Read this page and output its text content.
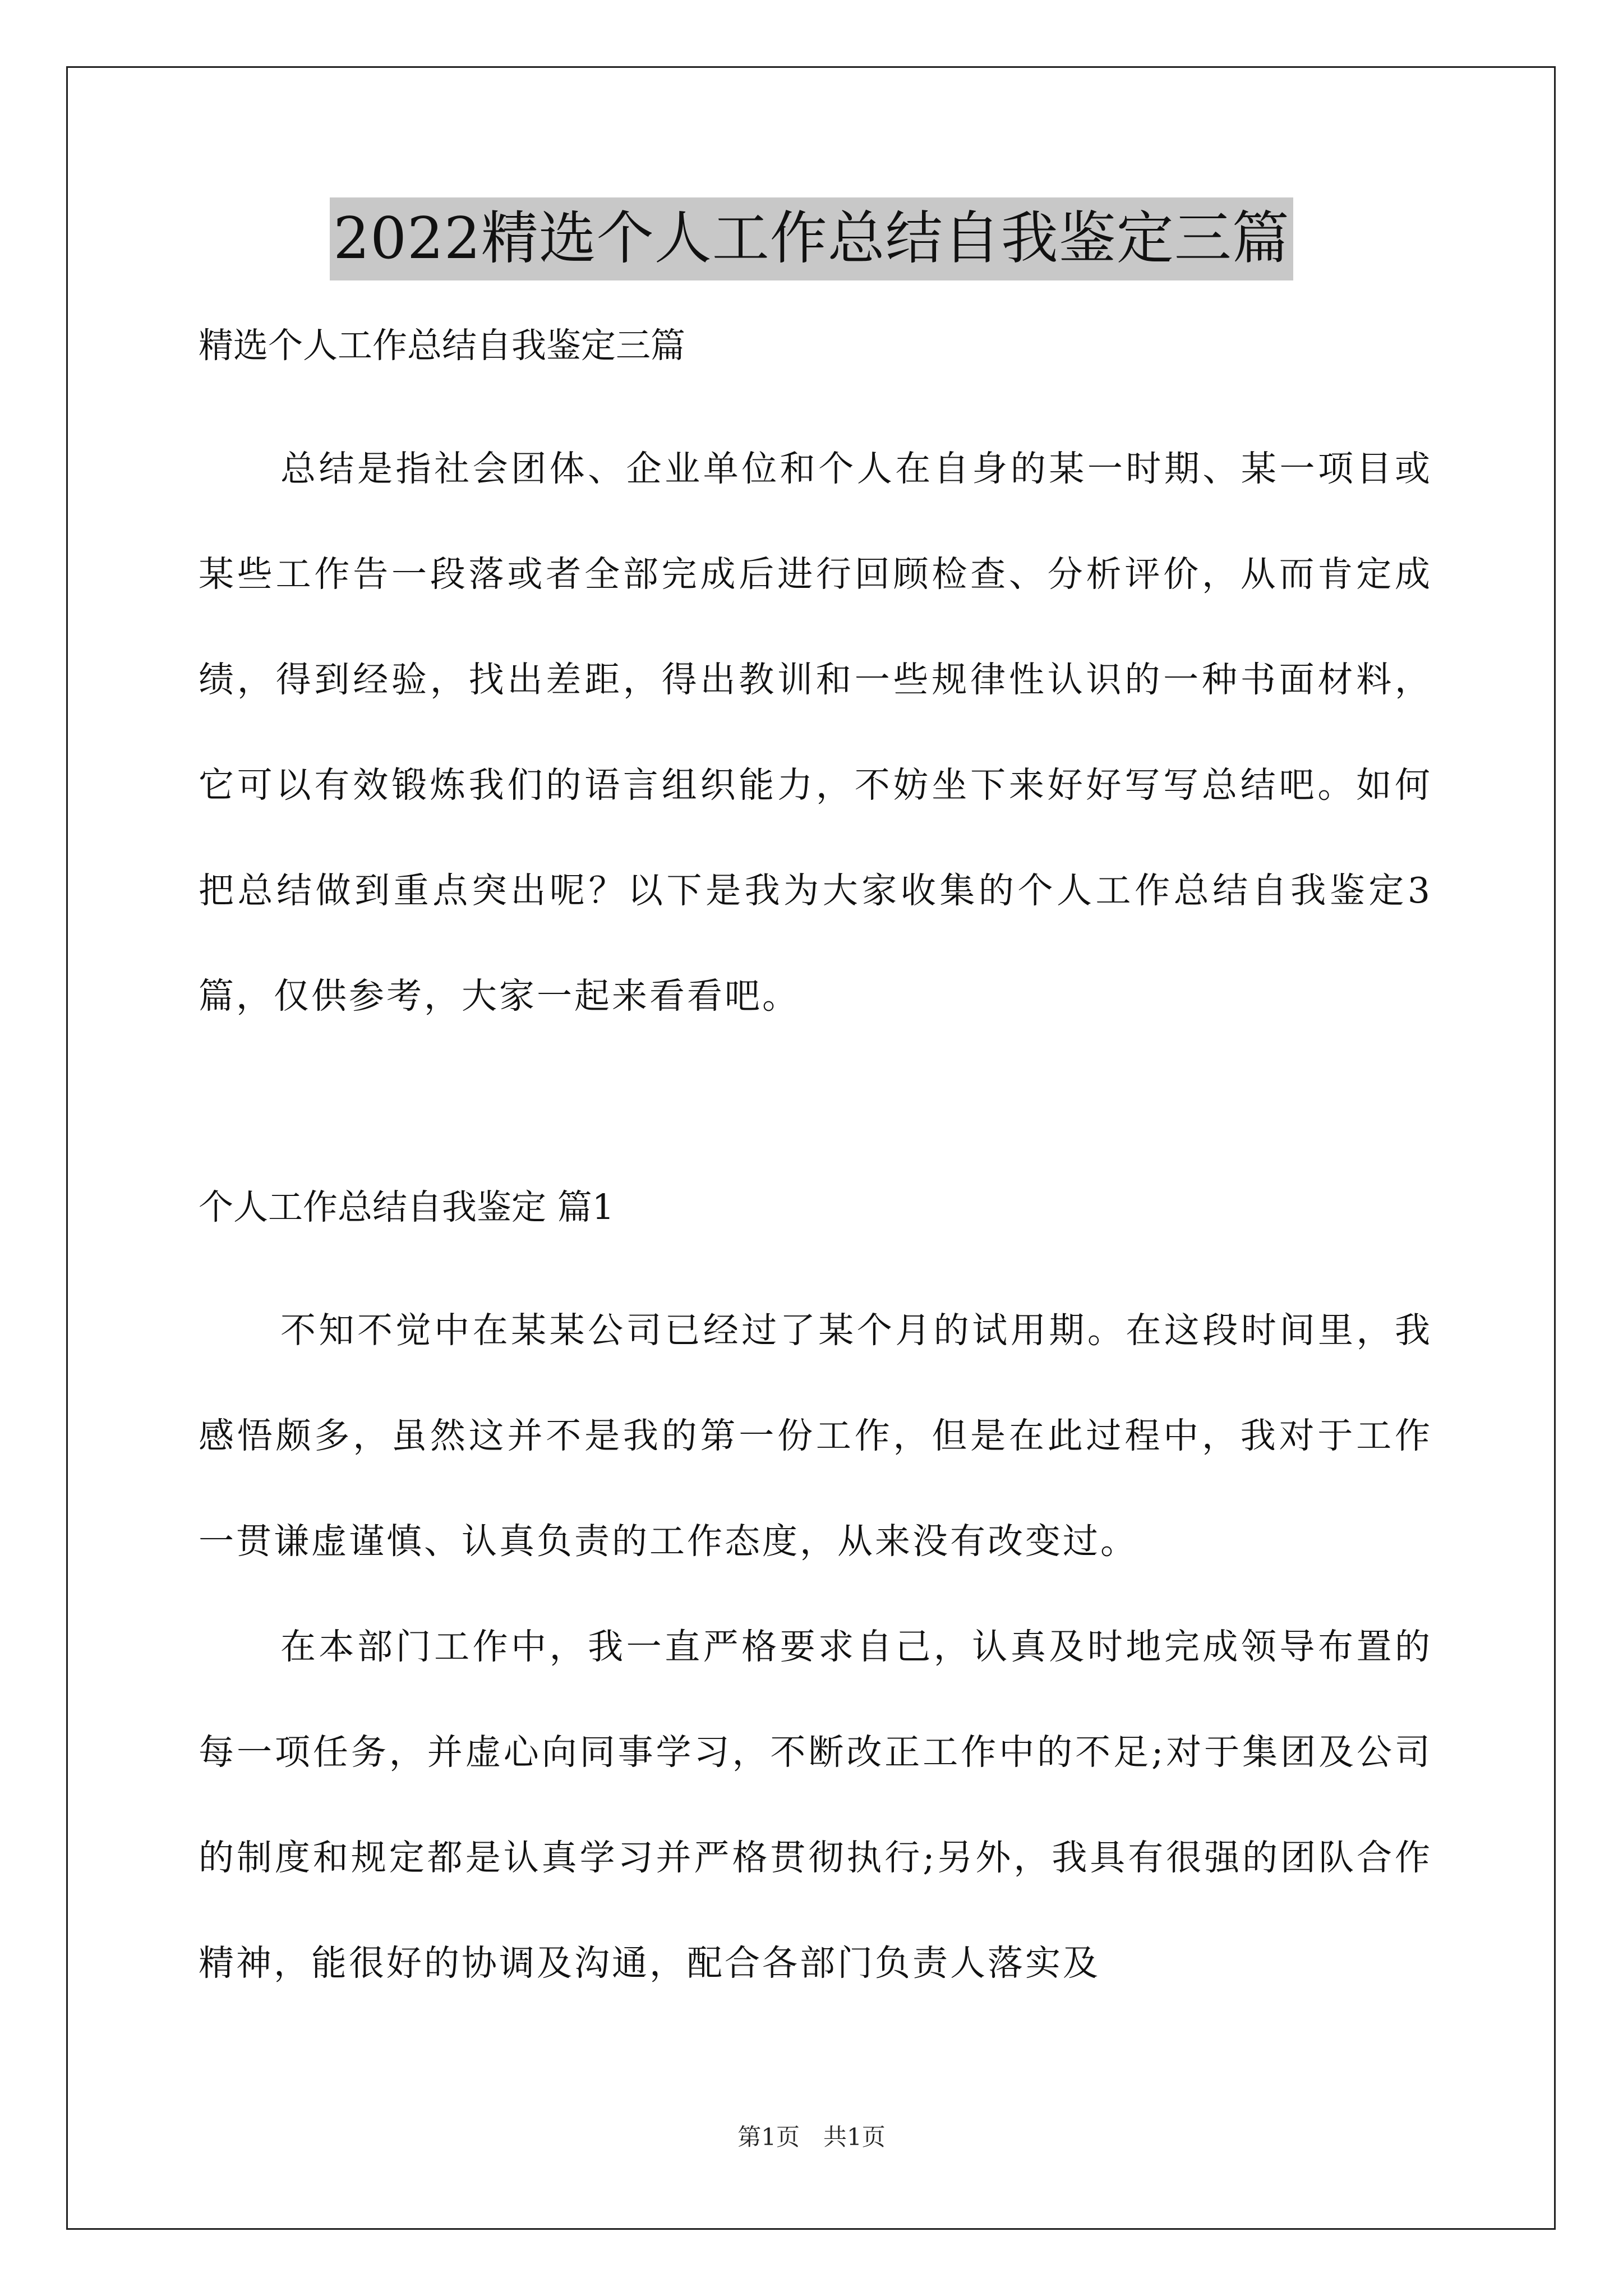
2022精选个人工作总结自我鉴定三篇

精选个人工作总结自我鉴定三篇

总结是指社会团体、企业单位和个人在自身的某一时期、某一项目或某些工作告一段落或者全部完成后进行回顾检查、分析评价，从而肯定成绩，得到经验，找出差距，得出教训和一些规律性认识的一种书面材料，它可以有效锻炼我们的语言组织能力，不妨坐下来好好写写总结吧。如何把总结做到重点突出呢？以下是我为大家收集的个人工作总结自我鉴定3篇，仅供参考，大家一起来看看吧。

个人工作总结自我鉴定 篇1

不知不觉中在某某公司已经过了某个月的试用期。在这段时间里，我感悟颇多，虽然这并不是我的第一份工作，但是在此过程中，我对于工作一贯谦虚谨慎、认真负责的工作态度，从来没有改变过。

在本部门工作中，我一直严格要求自己，认真及时地完成领导布置的每一项任务，并虚心向同事学习，不断改正工作中的不足;对于集团及公司的制度和规定都是认真学习并严格贯彻执行;另外，我具有很强的团队合作精神，能很好的协调及沟通，配合各部门负责人落实及

第1页　共1页
